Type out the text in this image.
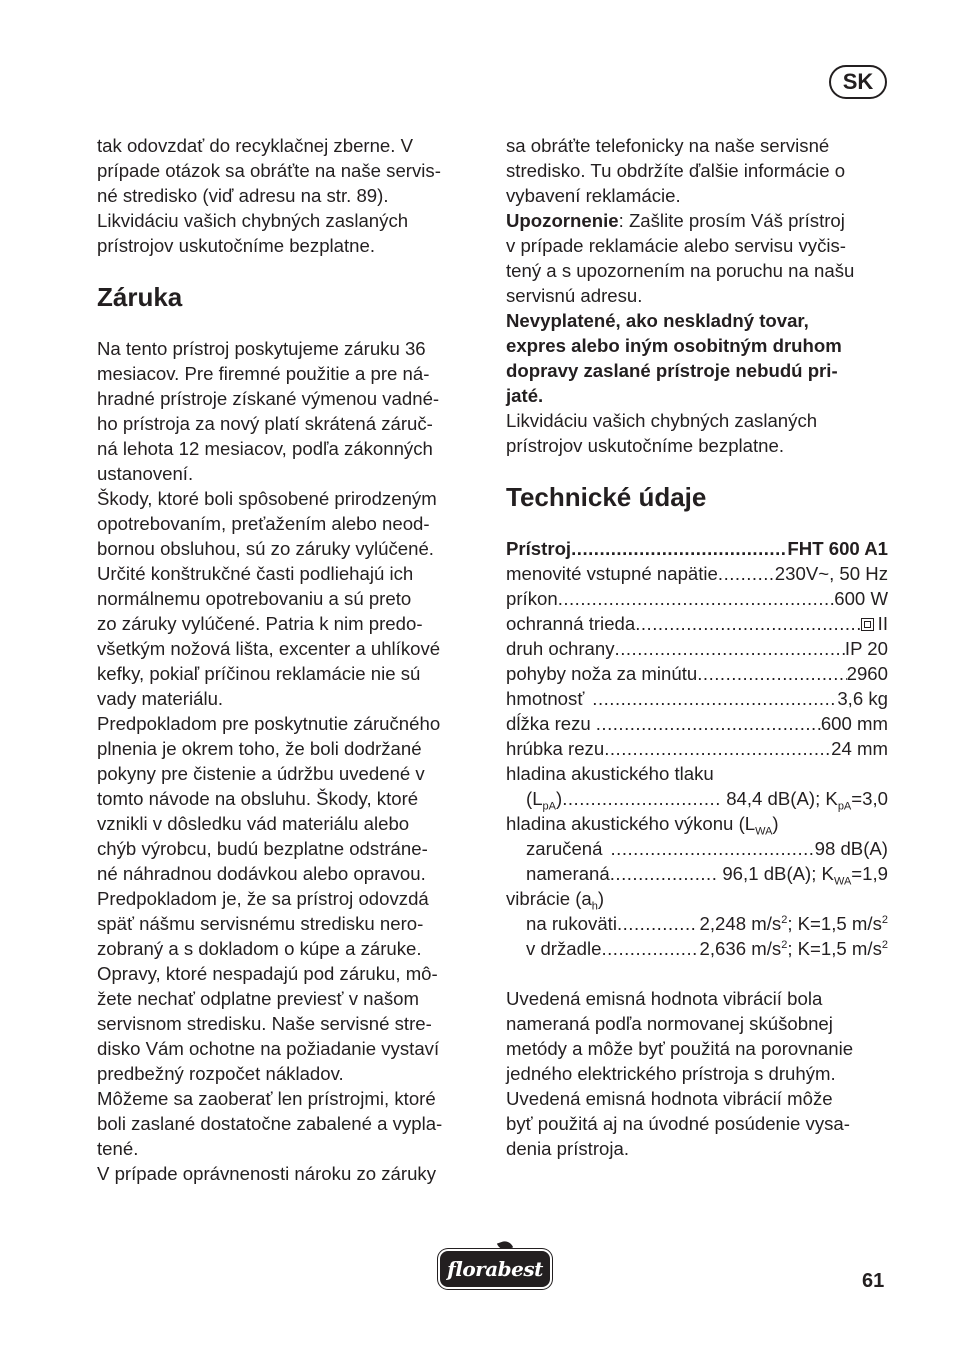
SK

tak odovzdať do recyklačnej zberne. V

prípade otázok sa obráťte na naše servis-

né stredisko (viď adresu na str. 89).

Likvidáciu vašich chybných zaslaných

prístrojov uskutočníme bezplatne.

Záruka

Na tento prístroj poskytujeme záruku 36

mesiacov. Pre firemné použitie a pre ná-

hradné prístroje získané výmenou vadné-

ho prístroja za nový platí skrátená záruč-

ná lehota 12 mesiacov, podľa zákonných

ustanovení.

Škody, ktoré boli spôsobené prirodzeným

opotrebovaním, preťažením alebo neod-

bornou obsluhou, sú zo záruky vylúčené.

Určité konštrukčné časti podliehajú ich

normálnemu opotrebovaniu a sú preto

zo záruky vylúčené. Patria k nim predo-

všetkým nožová lišta, excenter a uhlíkové

kefky, pokiaľ príčinou reklamácie nie sú

vady materiálu.

Predpokladom pre poskytnutie záručného

plnenia je okrem toho, že boli dodržané

pokyny pre čistenie a údržbu uvedené v

tomto návode na obsluhu. Škody, ktoré

vznikli v dôsledku vád materiálu alebo

chýb výrobcu, budú bezplatne odstráne-

né náhradnou dodávkou alebo opravou.

Predpokladom je, že sa prístroj odovzdá

späť nášmu servisnému stredisku nero-

zobraný a s dokladom o kúpe a záruke.

Opravy, ktoré nespadajú pod záruku, mô-

žete nechať odplatne previesť v našom

servisnom stredisku. Naše servisné stre-

disko Vám ochotne na požiadanie vystaví

predbežný rozpočet nákladov.

Môžeme sa zaoberať len prístrojmi, ktoré

boli zaslané dostatočne zabalené a vypla-

tené.

V prípade oprávnenosti nároku zo záruky

sa obráťte telefonicky na naše servisné

stredisko. Tu obdržíte ďalšie informácie o

vybavení reklamácie.

Upozornenie: Zašlite prosím Váš prístroj

v prípade reklamácie alebo servisu vyčis-

tený a s upozornením na poruchu na našu

servisnú adresu.

Nevyplatené, ako neskladný tovar,

expres alebo iným osobitným druhom

dopravy zaslané prístroje nebudú pri-

jaté.

Likvidáciu vašich chybných zaslaných

prístrojov uskutočníme bezplatne.

Technické údaje
Prístroj .....	FHT 600 A1
menovité vstupné napätie .....	230V~, 50 Hz
príkon .....	600 W
ochranná trieda .....	II
druh ochrany .....	IP 20
pohyby noža za minútu .....	2960
hmotnosť .....	3,6 kg
dĺžka rezu .....	600 mm
hrúbka rezu .....	24 mm
hladina akustického tlaku
$(L_{pA})$ .....	84,4 dB(A); $K_{pA}=3,0$
hladina akustického výkonu $(L_{WA})$
zaručená .....	98 dB(A)
nameraná .....	96,1 dB(A); $K_{WA}=1,9$
vibrácie $(a_h)$
na rukoväti .....	2,248 $m/s^2$; K=1,5 $m/s^2$
v držadle .....	2,636 $m/s^2$; K=1,5 $m/s^2$

Uvedená emisná hodnota vibrácií bola

nameraná podľa normovanej skúšobnej

metódy a môže byť použitá na porovnanie

jedného elektrického prístroja s druhým.

Uvedená emisná hodnota vibrácií môže

byť použitá aj na úvodné posúdenie vysa-

denia prístroja.

florabest	61
